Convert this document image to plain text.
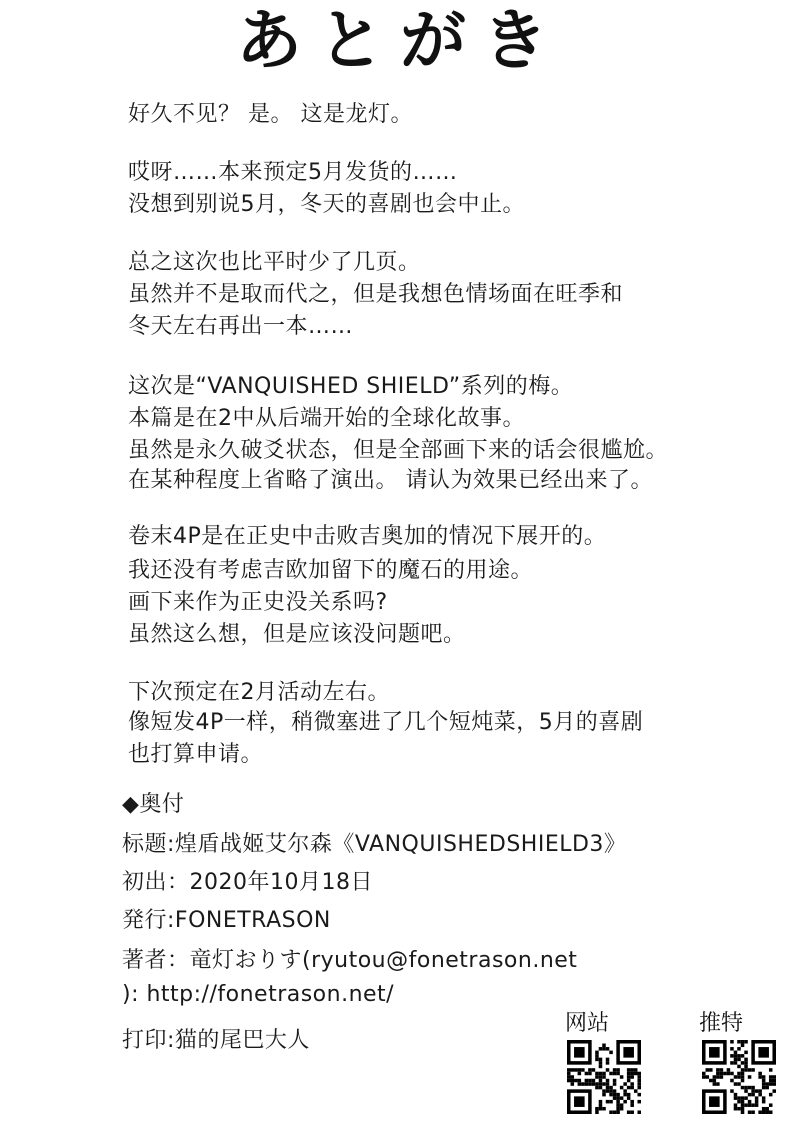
あとがき
好久不见？ 是。 这是龙灯。
哎呀……本来预定5月发货的……
没想到别说5月，冬天的喜剧也会中止。
总之这次也比平时少了几页。
虽然并不是取而代之，但是我想色情场面在旺季和
冬天左右再出一本……
这次是“VANQUISHED SHIELD”系列的梅。
本篇是在2中从后端开始的全球化故事。
虽然是永久破爻状态，但是全部画下来的话会很尴尬。
在某种程度上省略了演出。 请认为效果已经出来了。
卷末4P是在正史中击败吉奥加的情况下展开的。
我还没有考虑吉欧加留下的魔石的用途。
画下来作为正史没关系吗?
虽然这么想，但是应该没问题吧。
下次预定在2月活动左右。
像短发4P一样，稍微塞进了几个短炖菜，5月的喜剧
也打算申请。
◆奥付
标题:煌盾战姬艾尔森《VANQUISHEDSHIELD3》
初出：2020年10月18日
発行:FONETRASON
著者：竜灯おりす(ryutou@fonetrason.net
): http://fonetrason.net/
打印:猫的尾巴大人
网站	推特
